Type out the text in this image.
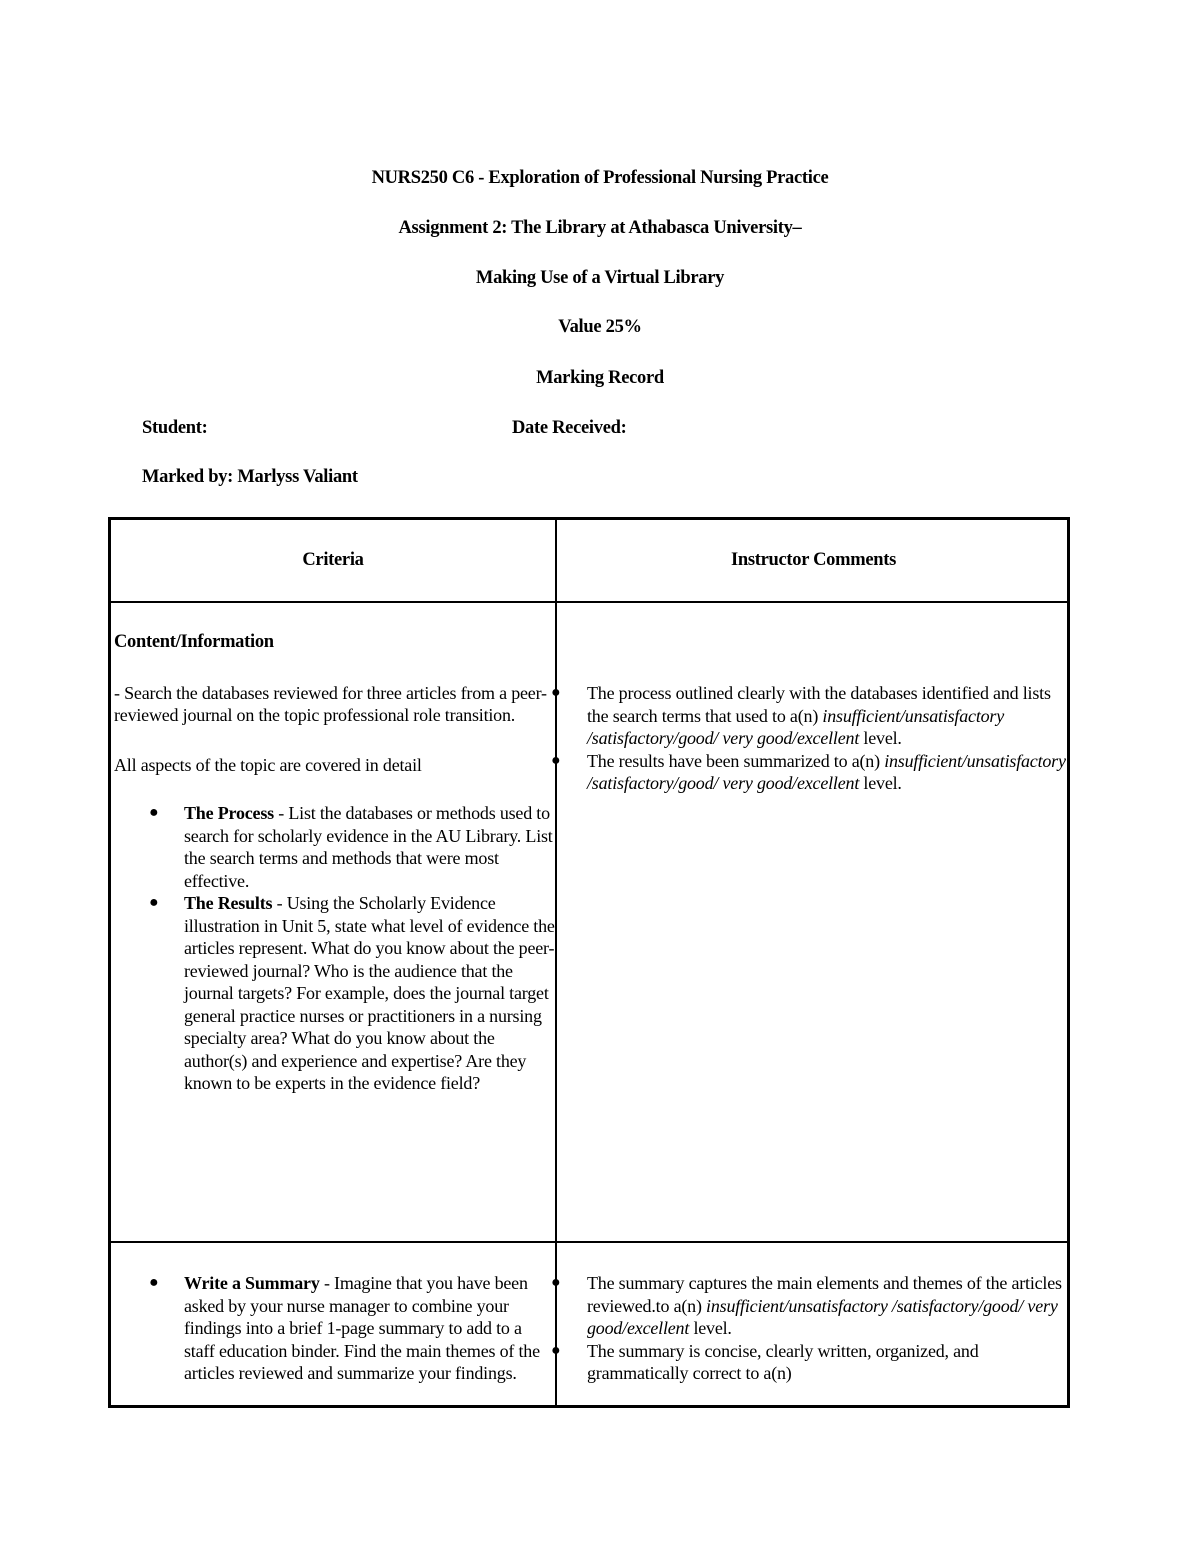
NURS250 C6 - Exploration of Professional Nursing Practice
Assignment 2: The Library at Athabasca University–
Making Use of a Virtual Library
Value 25%
Marking Record
Student:	Date Received:
Marked by: Marlyss Valiant
Criteria	Instructor Comments
Content/Information
- Search the databases reviewed for three articles from a peer-reviewed journal on the topic professional role transition.
All aspects of the topic are covered in detail
● The Process - List the databases or methods used to search for scholarly evidence in the AU Library. List the search terms and methods that were most effective.
● The Results - Using the Scholarly Evidence illustration in Unit 5, state what level of evidence the articles represent. What do you know about the peer-reviewed journal? Who is the audience that the journal targets? For example, does the journal target general practice nurses or practitioners in a nursing specialty area? What do you know about the author(s) and experience and expertise? Are they known to be experts in the evidence field?
● The process outlined clearly with the databases identified and lists the search terms that used to a(n) insufficient/unsatisfactory /satisfactory/good/ very good/excellent level.
● The results have been summarized to a(n) insufficient/unsatisfactory /satisfactory/good/ very good/excellent level.
● Write a Summary - Imagine that you have been asked by your nurse manager to combine your findings into a brief 1-page summary to add to a staff education binder. Find the main themes of the articles reviewed and summarize your findings.
● The summary captures the main elements and themes of the articles reviewed.to a(n) insufficient/unsatisfactory /satisfactory/good/ very good/excellent level.
● The summary is concise, clearly written, organized, and grammatically correct to a(n)
